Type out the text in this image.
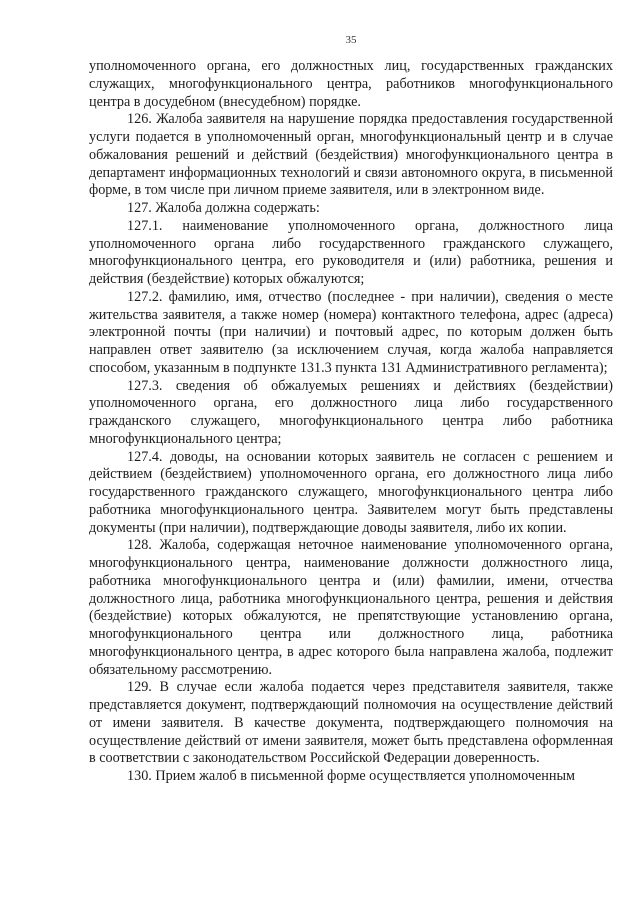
35

уполномоченного органа, его должностных лиц, государственных гражданских служащих, многофункционального центра, работников многофункционального центра в досудебном (внесудебном) порядке.

126. Жалоба заявителя на нарушение порядка предоставления государственной услуги подается в уполномоченный орган, многофункциональный центр и в случае обжалования решений и действий (бездействия) многофункционального центра в департамент информационных технологий и связи автономного округа, в письменной форме, в том числе при личном приеме заявителя, или в электронном виде.

127. Жалоба должна содержать:

127.1. наименование уполномоченного органа, должностного лица уполномоченного органа либо государственного гражданского служащего, многофункционального центра, его руководителя и (или) работника, решения и действия (бездействие) которых обжалуются;

127.2. фамилию, имя, отчество (последнее - при наличии), сведения о месте жительства заявителя, а также номер (номера) контактного телефона, адрес (адреса) электронной почты (при наличии) и почтовый адрес, по которым должен быть направлен ответ заявителю (за исключением случая, когда жалоба направляется способом, указанным в подпункте 131.3 пункта 131 Административного регламента);

127.3. сведения об обжалуемых решениях и действиях (бездействии) уполномоченного органа, его должностного лица либо государственного гражданского служащего, многофункционального центра либо работника многофункционального центра;

127.4. доводы, на основании которых заявитель не согласен с решением и действием (бездействием) уполномоченного органа, его должностного лица либо государственного гражданского служащего, многофункционального центра либо работника многофункционального центра. Заявителем могут быть представлены документы (при наличии), подтверждающие доводы заявителя, либо их копии.

128. Жалоба, содержащая неточное наименование уполномоченного органа, многофункционального центра, наименование должности должностного лица, работника многофункционального центра и (или) фамилии, имени, отчества должностного лица, работника многофункционального центра, решения и действия (бездействие) которых обжалуются, не препятствующие установлению органа, многофункционального центра или должностного лица, работника многофункционального центра, в адрес которого была направлена жалоба, подлежит обязательному рассмотрению.

129. В случае если жалоба подается через представителя заявителя, также представляется документ, подтверждающий полномочия на осуществление действий от имени заявителя. В качестве документа, подтверждающего полномочия на осуществление действий от имени заявителя, может быть представлена оформленная в соответствии с законодательством Российской Федерации доверенность.

130. Прием жалоб в письменной форме осуществляется уполномоченным
